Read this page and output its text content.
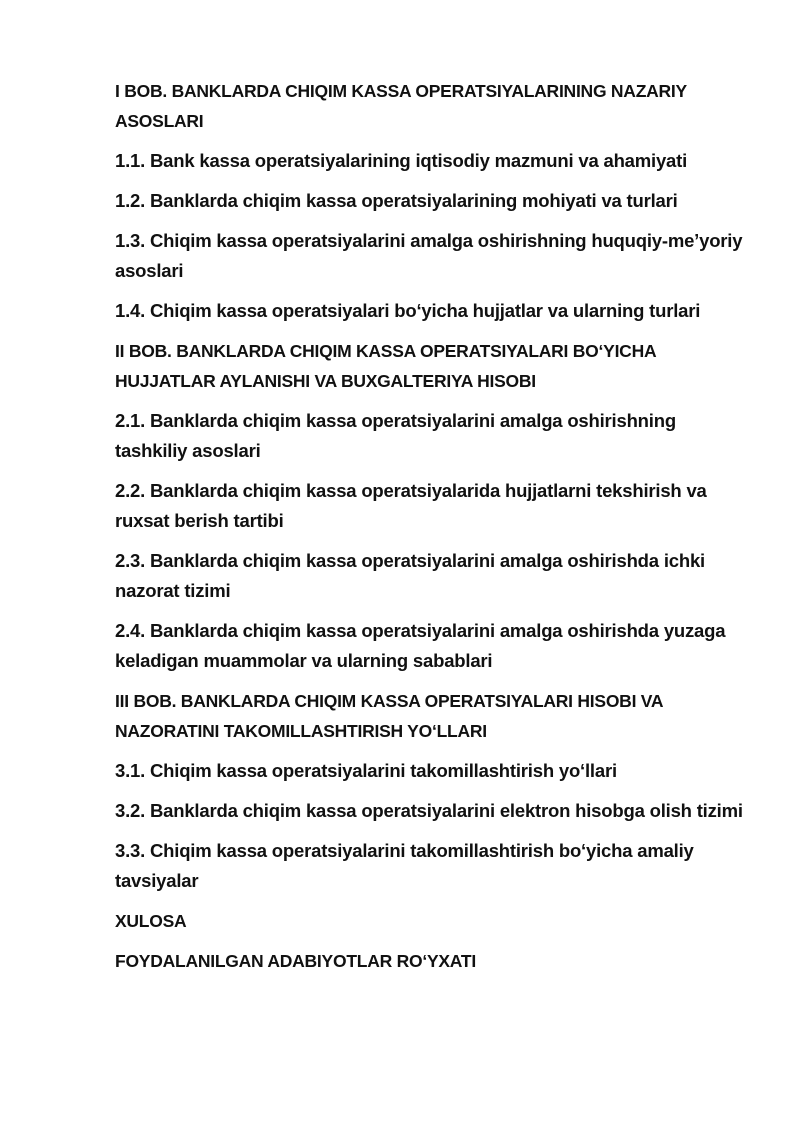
I BOB. BANKLARDA CHIQIM KASSA OPERATSIYALARINING NAZARIY ASOSLARI

1.1. Bank kassa operatsiyalarining iqtisodiy mazmuni va ahamiyati

1.2. Banklarda chiqim kassa operatsiyalarining mohiyati va turlari

1.3. Chiqim kassa operatsiyalarini amalga oshirishning huquqiy-me’yoriy asoslari

1.4. Chiqim kassa operatsiyalari bo‘yicha hujjatlar va ularning turlari

II BOB. BANKLARDA CHIQIM KASSA OPERATSIYALARI BO‘YICHA HUJJATLAR AYLANISHI VA BUXGALTERIYA HISOBI

2.1. Banklarda chiqim kassa operatsiyalarini amalga oshirishning tashkiliy asoslari

2.2. Banklarda chiqim kassa operatsiyalarida hujjatlarni tekshirish va ruxsat berish tartibi

2.3. Banklarda chiqim kassa operatsiyalarini amalga oshirishda ichki nazorat tizimi

2.4. Banklarda chiqim kassa operatsiyalarini amalga oshirishda yuzaga keladigan muammolar va ularning sabablari

III BOB. BANKLARDA CHIQIM KASSA OPERATSIYALARI HISOBI VA NAZORATINI TAKOMILLASHTIRISH YO‘LLARI

3.1. Chiqim kassa operatsiyalarini takomillashtirish yo‘llari

3.2. Banklarda chiqim kassa operatsiyalarini elektron hisobga olish tizimi

3.3. Chiqim kassa operatsiyalarini takomillashtirish bo‘yicha amaliy tavsiyalar

XULOSA

FOYDALANILGAN ADABIYOTLAR RO‘YXATI
